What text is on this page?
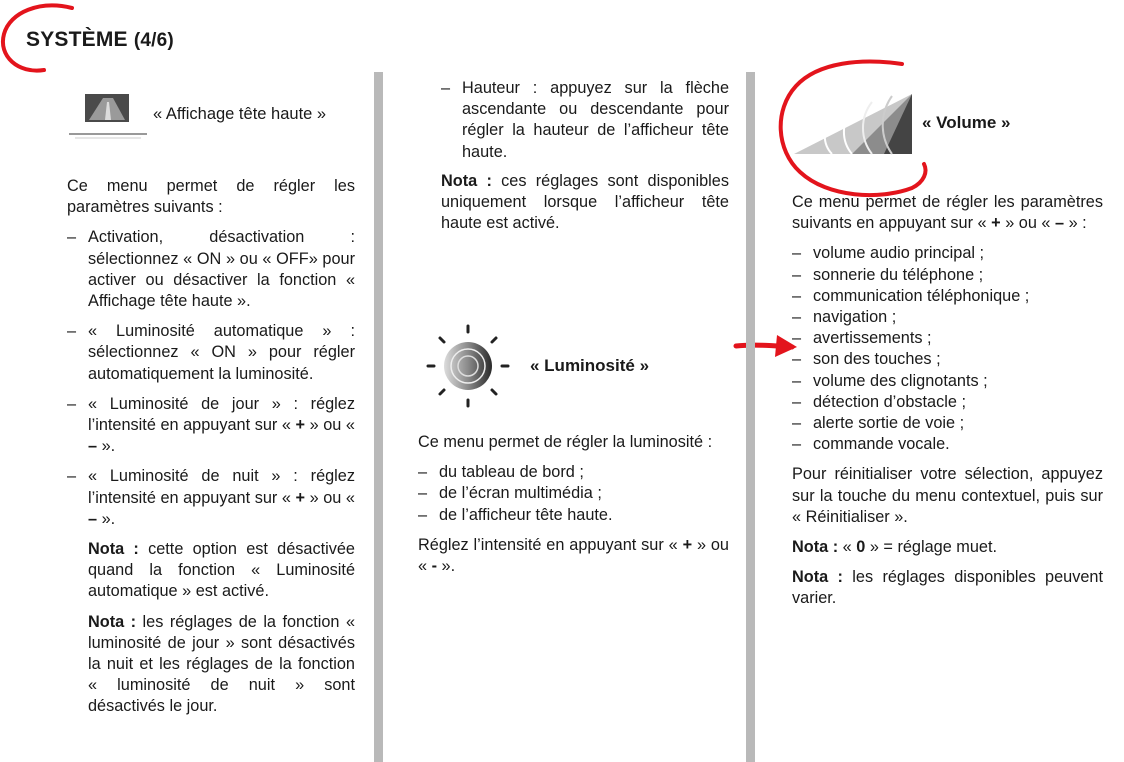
SYSTÈME (4/6)
« Affichage tête haute »

Ce menu permet de régler les paramètres suivants :

– Activation, désactivation : sélectionnez « ON » ou « OFF» pour activer ou désactiver la fonction « Affichage tête haute ».
– « Luminosité automatique » : sélectionnez « ON » pour régler automatiquement la luminosité.
– « Luminosité de jour » : réglez l’intensité en appuyant sur « + » ou « – ».
– « Luminosité de nuit » : réglez l’intensité en appuyant sur « + » ou « – ».

Nota : cette option est désactivée quand la fonction « Luminosité automatique » est activé.

Nota : les réglages de la fonction « luminosité de jour » sont désactivés la nuit et les réglages de la fonction « luminosité de nuit » sont désactivés le jour.

– Hauteur : appuyez sur la flèche ascendante ou descendante pour régler la hauteur de l’afficheur tête haute.

Nota : ces réglages sont disponibles uniquement lorsque l’afficheur tête haute est activé.

« Luminosité »

Ce menu permet de régler la luminosité :

– du tableau de bord ;
– de l’écran multimédia ;
– de l’afficheur tête haute.

Réglez l’intensité en appuyant sur « + » ou « - ».

« Volume »

Ce menu permet de régler les paramètres suivants en appuyant sur « + » ou « – » :

– volume audio principal ;
– sonnerie du téléphone ;
– communication téléphonique ;
– navigation ;
– avertissements ;
– son des touches ;
– volume des clignotants ;
– détection d’obstacle ;
– alerte sortie de voie ;
– commande vocale.

Pour réinitialiser votre sélection, appuyez sur la touche du menu contextuel, puis sur « Réinitialiser ».

Nota : « 0 » = réglage muet.

Nota : les réglages disponibles peuvent varier.
